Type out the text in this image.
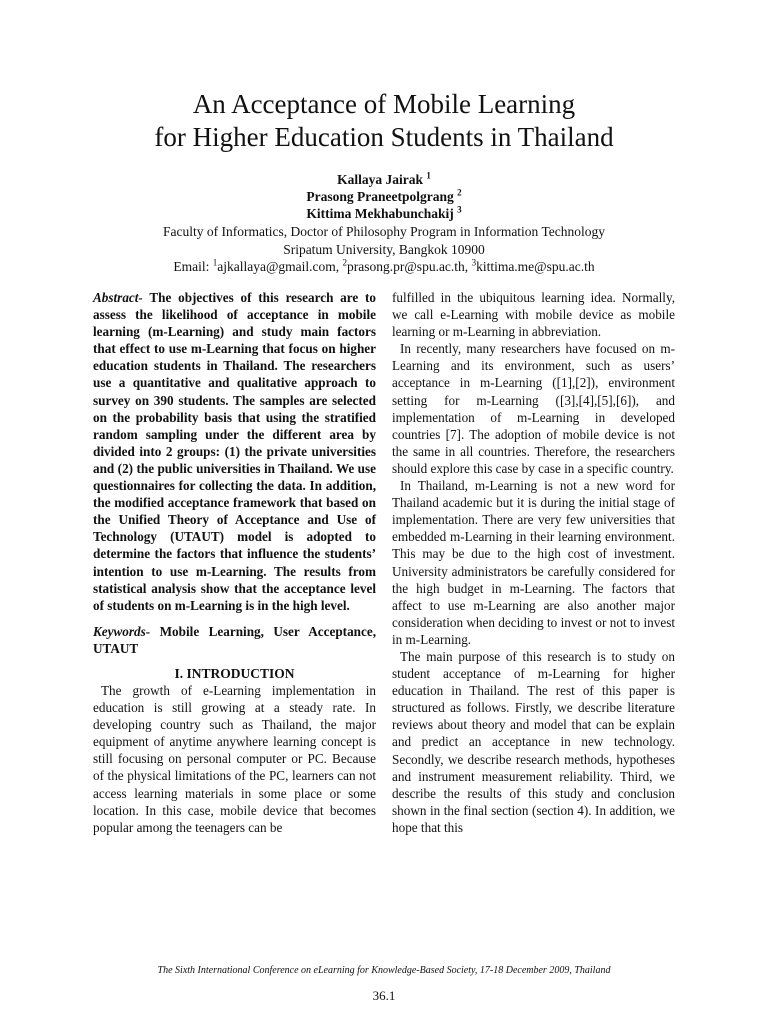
An Acceptance of Mobile Learning
for Higher Education Students in Thailand
Kallaya Jairak $^1$
Prasong Praneetpolgrang $^2$
Kittima Mekhabunchakij $^3$
Faculty of Informatics, Doctor of Philosophy Program in Information Technology
Sripatum University, Bangkok 10900
Email: $^1$ajkallaya@gmail.com, $^2$prasong.pr@spu.ac.th, $^3$kittima.me@spu.ac.th

Abstract- The objectives of this research are to assess the likelihood of acceptance in mobile learning (m-Learning) and study main factors that effect to use m-Learning that focus on higher education students in Thailand. The researchers use a quantitative and qualitative approach to survey on 390 students. The samples are selected on the probability basis that using the stratified random sampling under the different area by divided into 2 groups: (1) the private universities and (2) the public universities in Thailand. We use questionnaires for collecting the data. In addition, the modified acceptance framework that based on the Unified Theory of Acceptance and Use of Technology (UTAUT) model is adopted to determine the factors that influence the students’ intention to use m-Learning. The results from statistical analysis show that the acceptance level of students on m-Learning is in the high level.

Keywords- Mobile Learning, User Acceptance, UTAUT

I. INTRODUCTION

The growth of e-Learning implementation in education is still growing at a steady rate. In developing country such as Thailand, the major equipment of anytime anywhere learning concept is still focusing on personal computer or PC. Because of the physical limitations of the PC, learners can not access learning materials in some place or some location. In this case, mobile device that becomes popular among the teenagers can be

fulfilled in the ubiquitous learning idea. Normally, we call e-Learning with mobile device as mobile learning or m-Learning in abbreviation.

In recently, many researchers have focused on m-Learning and its environment, such as users’ acceptance in m-Learning ([1],[2]), environment setting for m-Learning ([3],[4],[5],[6]), and implementation of m-Learning in developed countries [7]. The adoption of mobile device is not the same in all countries. Therefore, the researchers should explore this case by case in a specific country.

In Thailand, m-Learning is not a new word for Thailand academic but it is during the initial stage of implementation. There are very few universities that embedded m-Learning in their learning environment. This may be due to the high cost of investment. University administrators be carefully considered for the high budget in m-Learning. The factors that affect to use m-Learning are also another major consideration when deciding to invest or not to invest in m-Learning.

The main purpose of this research is to study on student acceptance of m-Learning for higher education in Thailand. The rest of this paper is structured as follows. Firstly, we describe literature reviews about theory and model that can be explain and predict an acceptance in new technology. Secondly, we describe research methods, hypotheses and instrument measurement reliability. Third, we describe the results of this study and conclusion shown in the final section (section 4). In addition, we hope that this

The Sixth International Conference on eLearning for Knowledge-Based Society, 17-18 December 2009, Thailand
36.1
